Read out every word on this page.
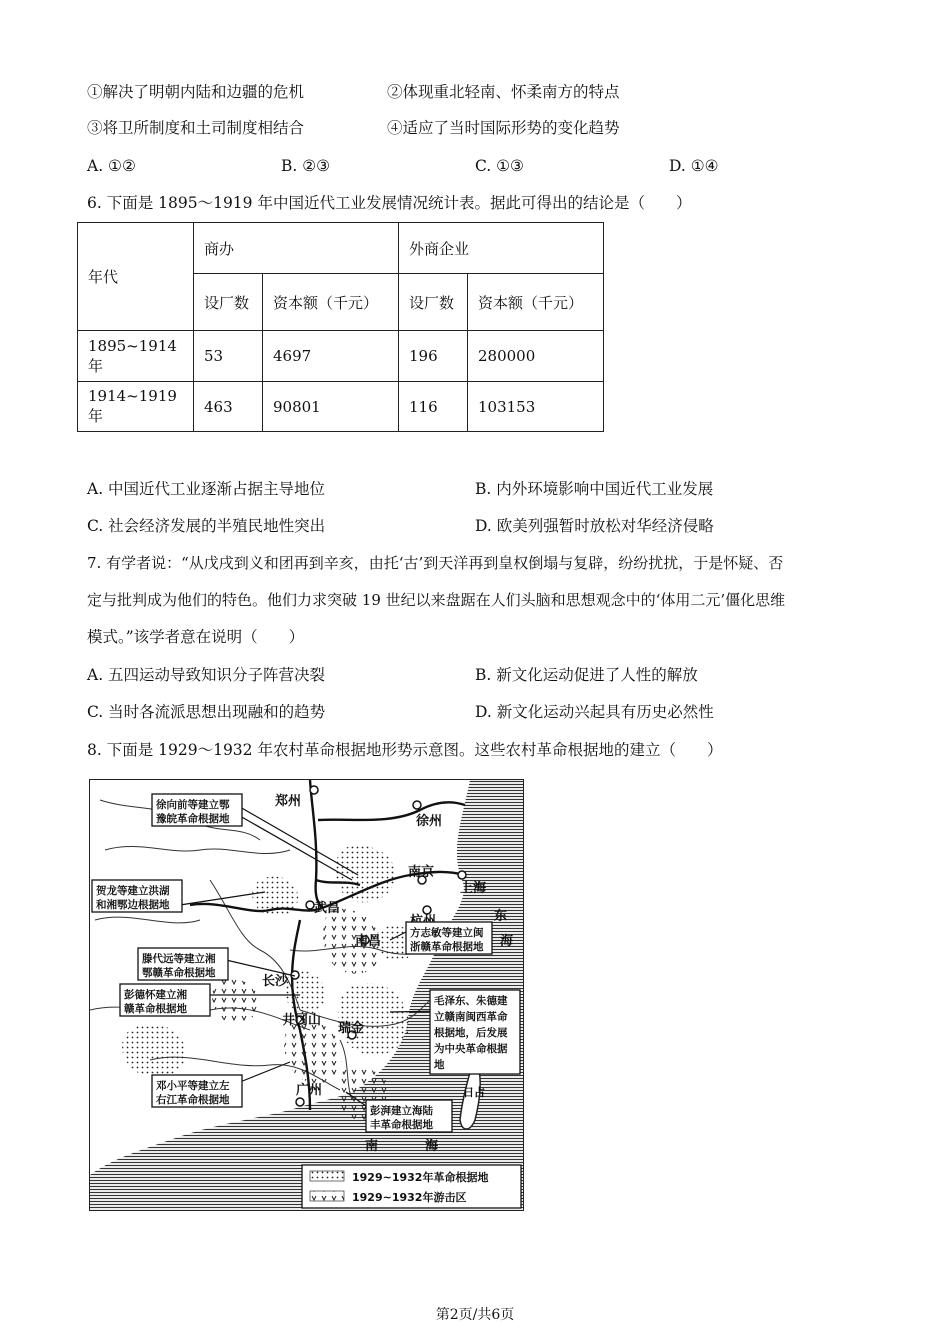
①解决了明朝内陆和边疆的危机	②体现重北轻南、怀柔南方的特点
③将卫所制度和土司制度相结合	④适应了当时国际形势的变化趋势
A. ①②	B. ②③	C. ①③	D. ①④
6. 下面是 1895～1919 年中国近代工业发展情况统计表。据此可得出的结论是（　　）
年代	商办		外商企业	
	设厂数	资本额（千元）	设厂数	资本额（千元）
1895~1914 年	53	4697	196	280000
1914~1919 年	463	90801	116	103153
A. 中国近代工业逐渐占据主导地位	B. 内外环境影响中国近代工业发展
C. 社会经济发展的半殖民地性突出	D. 欧美列强暂时放松对华经济侵略
7. 有学者说：“从戊戌到义和团再到辛亥，由托‘古’到天洋再到皇权倒塌与复辟，纷纷扰扰，于是怀疑、否
定与批判成为他们的特色。他们力求突破 19 世纪以来盘踞在人们头脑和思想观念中的‘体用二元’僵化思维
模式。”该学者意在说明（　　）
A. 五四运动导致知识分子阵营决裂	B. 新文化运动促进了人性的解放
C. 当时各流派思想出现融和的趋势	D. 新文化运动兴起具有历史必然性
8. 下面是 1929～1932 年农村革命根据地形势示意图。这些农村革命根据地的建立（　　）
郑州
徐州
南京
上海
武昌
南昌
长沙
井冈山
瑞金
广州
东
海
南	海
日占
徐向前等建立鄂
豫皖革命根据地
贺龙等建立洪湖
和湘鄂边根据地
方志敏等建立闽
浙赣革命根据地
滕代远等建立湘
鄂赣革命根据地
彭德怀建立湘
赣革命根据地
毛泽东、朱德建
立赣南闽西革命
根据地，后发展
为中央革命根据
地
邓小平等建立左
右江革命根据地
彭湃建立海陆
丰革命根据地
1929~1932年革命根据地
1929~1932年游击区
第2页/共6页
